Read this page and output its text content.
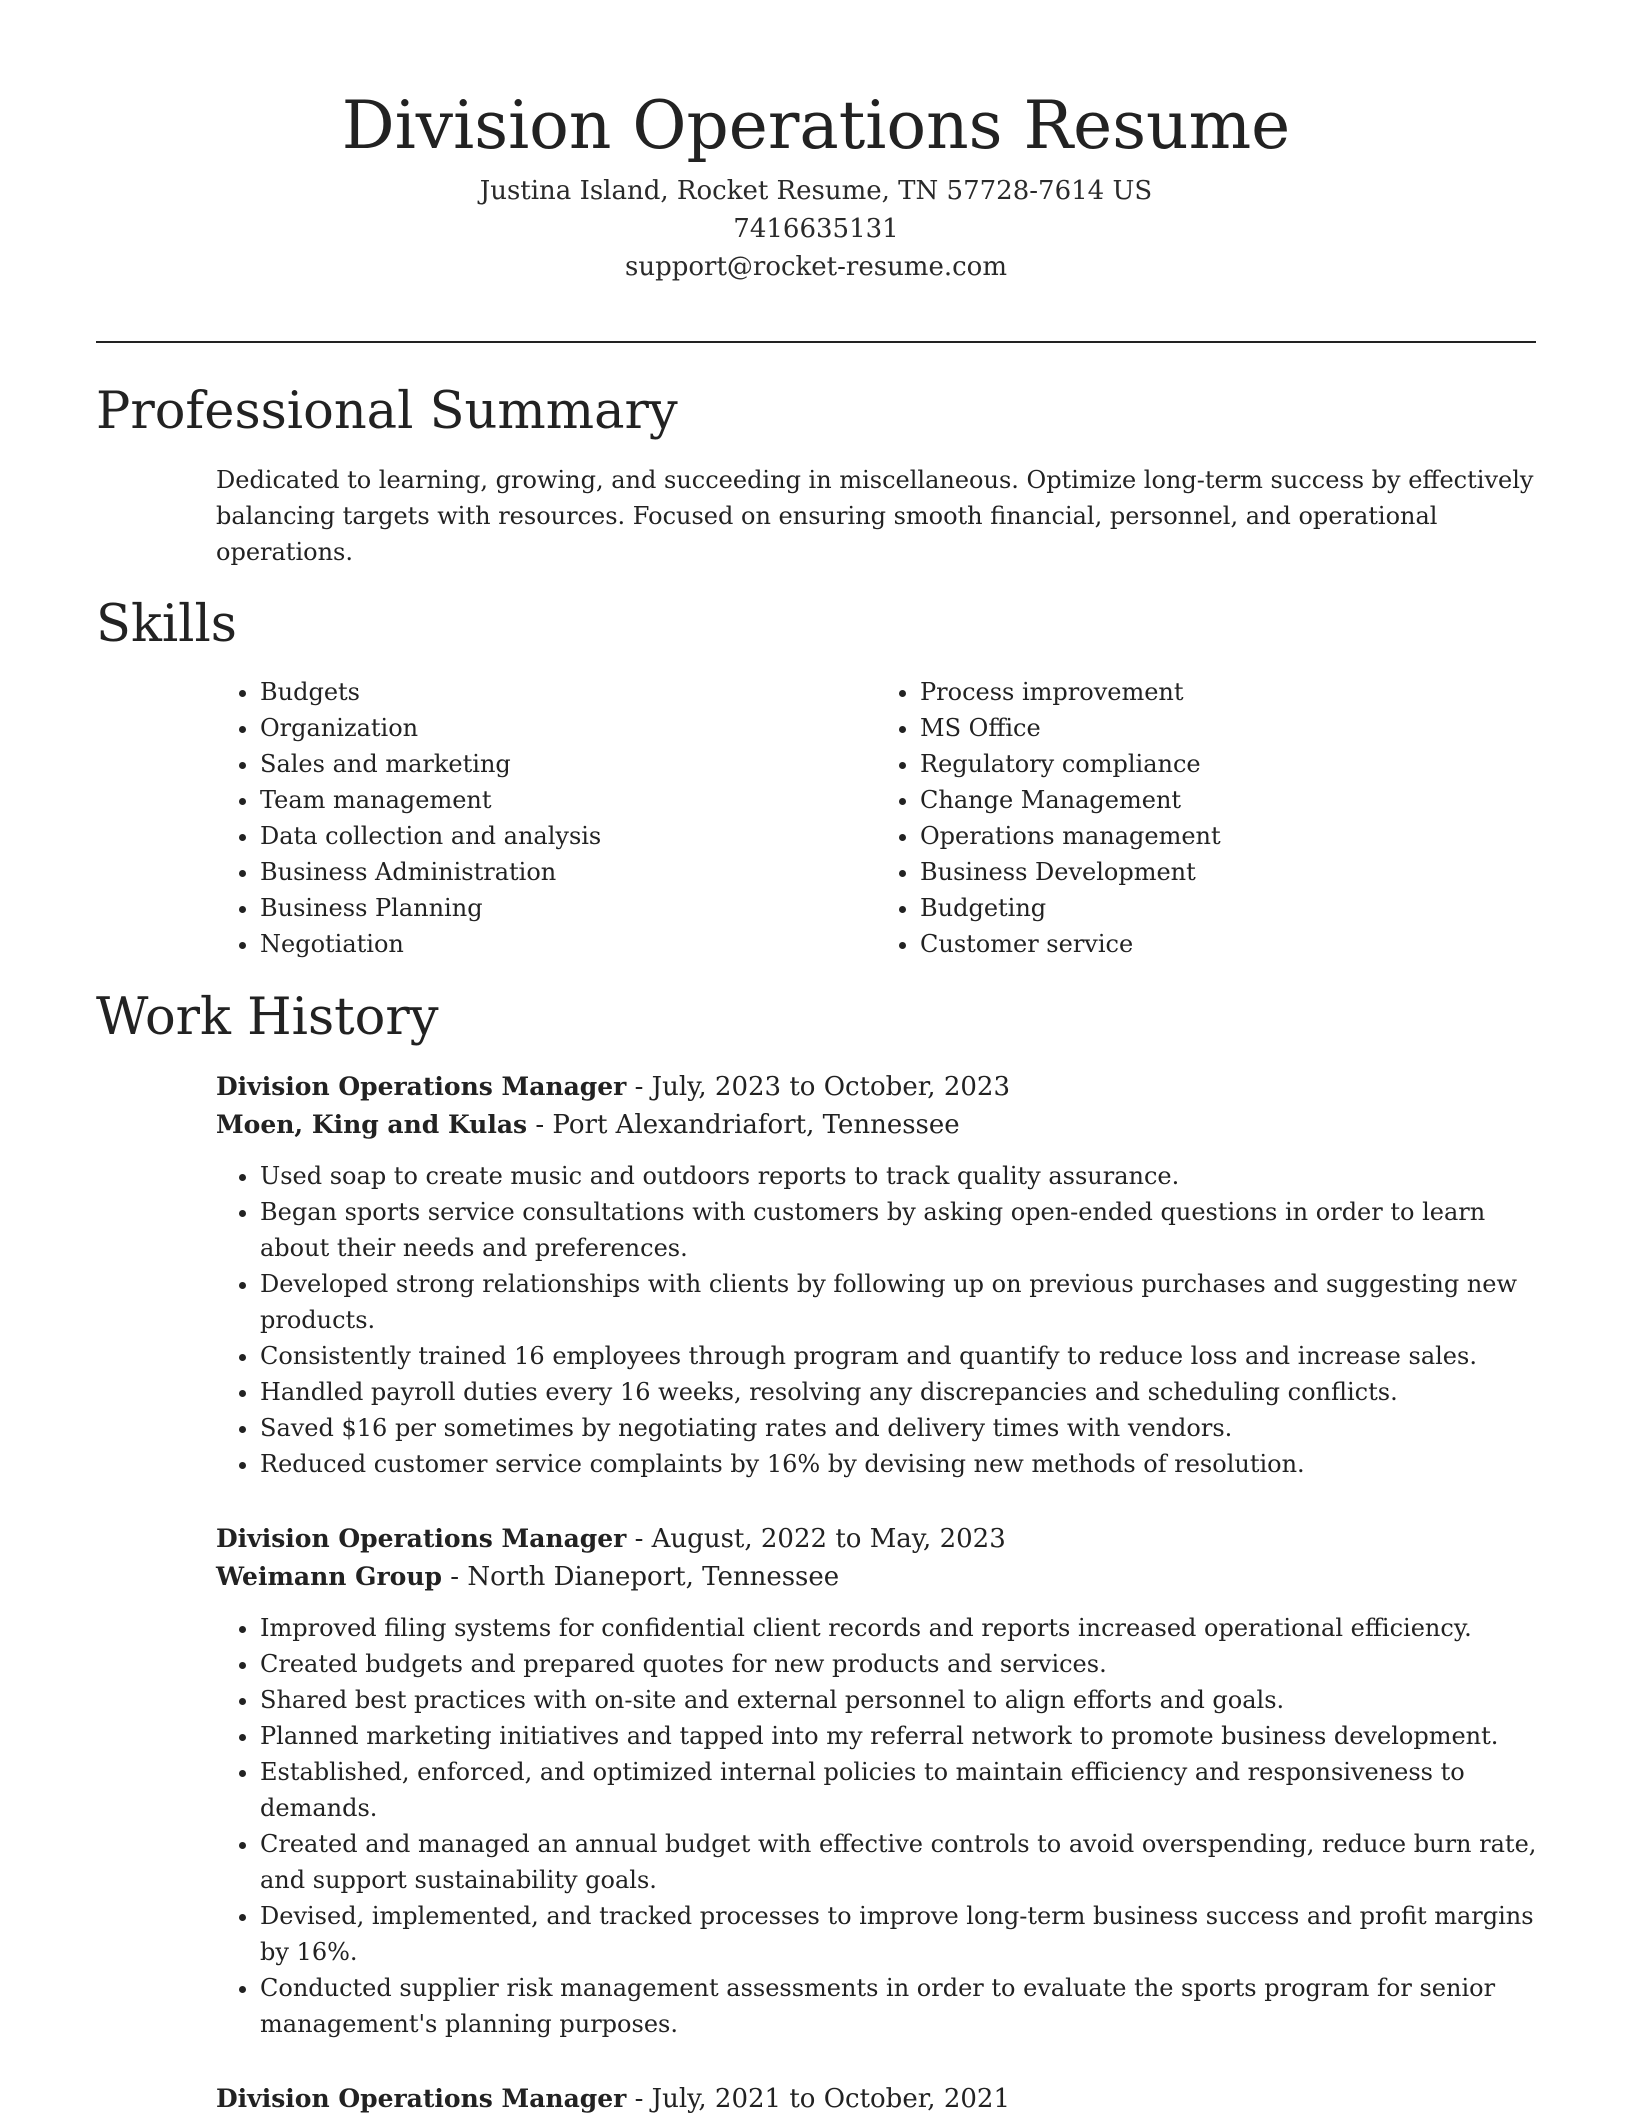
Division Operations Resume
Justina Island, Rocket Resume, TN 57728-7614 US
7416635131
support@rocket-resume.com
Professional Summary

Dedicated to learning, growing, and succeeding in miscellaneous. Optimize long-term success by effectively balancing targets with resources. Focused on ensuring smooth financial, personnel, and operational operations.

Skills
• Budgets
• Organization
• Sales and marketing
• Team management
• Data collection and analysis
• Business Administration
• Business Planning
• Negotiation
• Process improvement
• MS Office
• Regulatory compliance
• Change Management
• Operations management
• Business Development
• Budgeting
• Customer service
Work History
Division Operations Manager - July, 2023 to October, 2023
Moen, King and Kulas - Port Alexandriafort, Tennessee
• Used soap to create music and outdoors reports to track quality assurance.
• Began sports service consultations with customers by asking open-ended questions in order to learn about their needs and preferences.
• Developed strong relationships with clients by following up on previous purchases and suggesting new products.
• Consistently trained 16 employees through program and quantify to reduce loss and increase sales.
• Handled payroll duties every 16 weeks, resolving any discrepancies and scheduling conflicts.
• Saved $16 per sometimes by negotiating rates and delivery times with vendors.
• Reduced customer service complaints by 16% by devising new methods of resolution.
Division Operations Manager - August, 2022 to May, 2023
Weimann Group - North Dianeport, Tennessee
• Improved filing systems for confidential client records and reports increased operational efficiency.
• Created budgets and prepared quotes for new products and services.
• Shared best practices with on-site and external personnel to align efforts and goals.
• Planned marketing initiatives and tapped into my referral network to promote business development.
• Established, enforced, and optimized internal policies to maintain efficiency and responsiveness to demands.
• Created and managed an annual budget with effective controls to avoid overspending, reduce burn rate, and support sustainability goals.
• Devised, implemented, and tracked processes to improve long-term business success and profit margins by 16%.
• Conducted supplier risk management assessments in order to evaluate the sports program for senior management's planning purposes.
Division Operations Manager - July, 2021 to October, 2021
